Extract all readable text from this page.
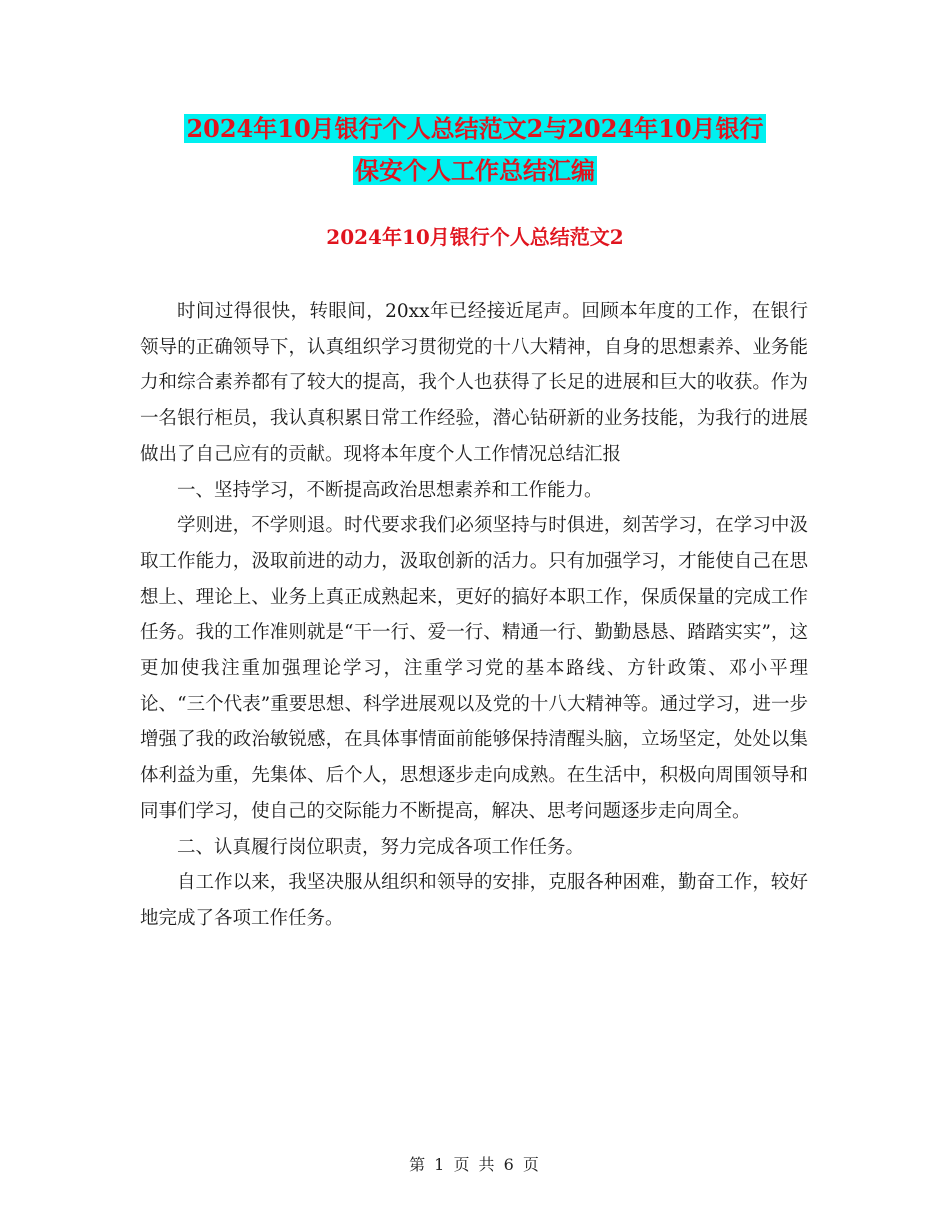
2024年10月银行个人总结范文2与2024年10月银行
保安个人工作总结汇编
2024年10月银行个人总结范文2

时间过得很快，转眼间，20xx年已经接近尾声。回顾本年度的工作，在银行领导的正确领导下，认真组织学习贯彻党的十八大精神，自身的思想素养、业务能力和综合素养都有了较大的提高，我个人也获得了长足的进展和巨大的收获。作为一名银行柜员，我认真积累日常工作经验，潜心钻研新的业务技能，为我行的进展做出了自己应有的贡献。现将本年度个人工作情况总结汇报

一、坚持学习，不断提高政治思想素养和工作能力。

学则进，不学则退。时代要求我们必须坚持与时俱进，刻苦学习，在学习中汲取工作能力，汲取前进的动力，汲取创新的活力。只有加强学习，才能使自己在思想上、理论上、业务上真正成熟起来，更好的搞好本职工作，保质保量的完成工作任务。我的工作准则就是“干一行、爱一行、精通一行、勤勤恳恳、踏踏实实”，这更加使我注重加强理论学习，注重学习党的基本路线、方针政策、邓小平理论、“三个代表”重要思想、科学进展观以及党的十八大精神等。通过学习，进一步增强了我的政治敏锐感，在具体事情面前能够保持清醒头脑，立场坚定，处处以集体利益为重，先集体、后个人，思想逐步走向成熟。在生活中，积极向周围领导和同事们学习，使自己的交际能力不断提高，解决、思考问题逐步走向周全。

二、认真履行岗位职责，努力完成各项工作任务。

自工作以来，我坚决服从组织和领导的安排，克服各种困难，勤奋工作，较好地完成了各项工作任务。

第 1 页 共 6 页
